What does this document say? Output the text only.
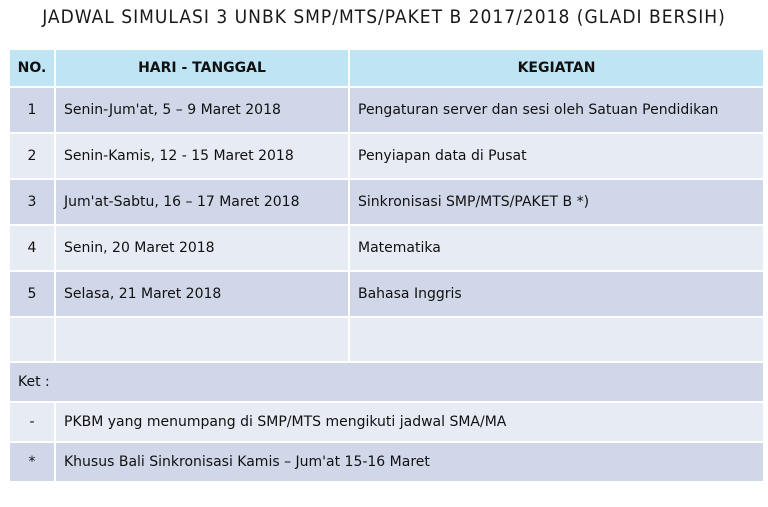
JADWAL SIMULASI 3 UNBK SMP/MTS/PAKET B 2017/2018 (GLADI BERSIH)
NO.	HARI - TANGGAL	KEGIATAN
1	Senin-Jum'at, 5 – 9 Maret 2018	Pengaturan server dan sesi oleh Satuan Pendidikan
2	Senin-Kamis, 12 - 15 Maret 2018	Penyiapan data di Pusat
3	Jum'at-Sabtu, 16 – 17 Maret 2018	Sinkronisasi SMP/MTS/PAKET B *)
4	Senin, 20 Maret 2018	Matematika
5	Selasa, 21 Maret 2018	Bahasa Inggris

Ket :		
-	PKBM yang menumpang di SMP/MTS mengikuti jadwal SMA/MA	
*	Khusus Bali Sinkronisasi Kamis – Jum'at 15-16 Maret	
